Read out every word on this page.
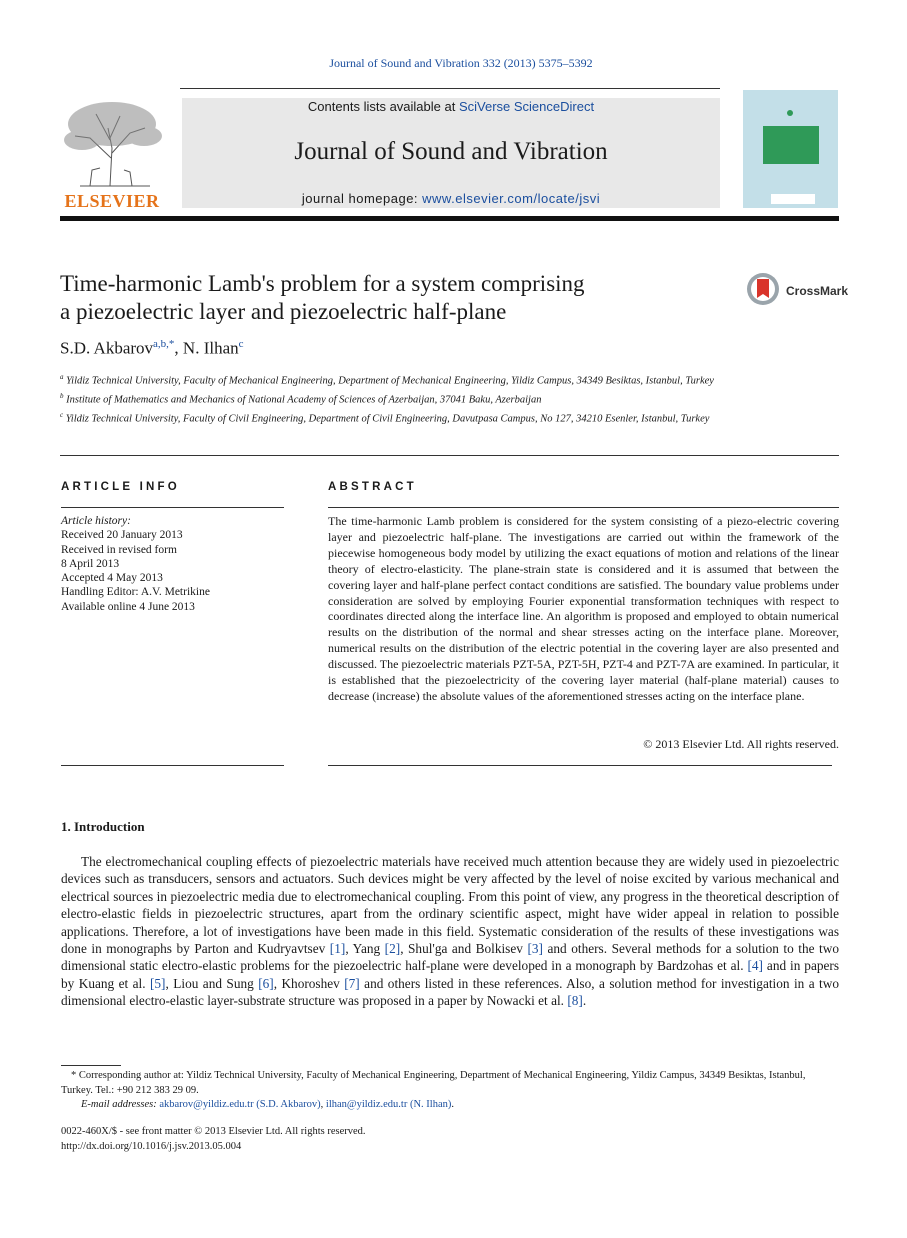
Journal of Sound and Vibration 332 (2013) 5375–5392
ELSEVIER
Contents lists available at SciVerse ScienceDirect
Journal of Sound and Vibration
journal homepage: www.elsevier.com/locate/jsvi
Time-harmonic Lamb's problem for a system comprising
a piezoelectric layer and piezoelectric half-plane
CrossMark
S.D. Akbarov$^{a,b,*}$, N. Ilhan$^c$

$^a$ Yildiz Technical University, Faculty of Mechanical Engineering, Department of Mechanical Engineering, Yildiz Campus, 34349 Besiktas, Istanbul, Turkey

$^b$ Institute of Mathematics and Mechanics of National Academy of Sciences of Azerbaijan, 37041 Baku, Azerbaijan

$^c$ Yildiz Technical University, Faculty of Civil Engineering, Department of Civil Engineering, Davutpasa Campus, No 127, 34210 Esenler, Istanbul, Turkey

ARTICLE INFO

Article history:

Received 20 January 2013

Received in revised form

8 April 2013

Accepted 4 May 2013

Handling Editor: A.V. Metrikine

Available online 4 June 2013

ABSTRACT
The time-harmonic Lamb problem is considered for the system consisting of a piezo-electric covering layer and piezoelectric half-plane. The investigations are carried out within the framework of the piecewise homogeneous body model by utilizing the exact equations of motion and relations of the linear theory of electro-elasticity. The plane-strain state is considered and it is assumed that between the covering layer and half-plane perfect contact conditions are satisfied. The boundary value problems under consideration are solved by employing Fourier exponential transformation techniques with respect to coordinates directed along the interface line. An algorithm is proposed and employed to obtain numerical results on the distribution of the normal and shear stresses acting on the interface plane. Moreover, numerical results on the distribution of the electric potential in the covering layer are also presented and discussed. The piezoelectric materials PZT-5A, PZT-5H, PZT-4 and PZT-7A are examined. In particular, it is established that the piezoelectricity of the covering layer material (half-plane material) causes to decrease (increase) the absolute values of the aforementioned stresses acting on the interface plane.
© 2013 Elsevier Ltd. All rights reserved.
1. Introduction

The electromechanical coupling effects of piezoelectric materials have received much attention because they are widely used in piezoelectric devices such as transducers, sensors and actuators. Such devices might be very affected by the level of noise excited by various mechanical and electrical sources in piezoelectric media due to electromechanical coupling. From this point of view, any progress in the theoretical description of electro-elastic fields in piezoelectric structures, apart from the ordinary scientific aspect, might have wider appeal in relation to possible applications. Therefore, a lot of investigations have been made in this field. Systematic consideration of the results of these investigations was done in monographs by Parton and Kudryavtsev [1], Yang [2], Shul'ga and Bolkisev [3] and others. Several methods for a solution to the two dimensional static electro-elastic problems for the piezoelectric half-plane were developed in a monograph by Bardzohas et al. [4] and in papers by Kuang et al. [5], Liou and Sung [6], Khoroshev [7] and others listed in these references. Also, a solution method for investigation in a two dimensional electro-elastic layer-substrate structure was proposed in a paper by Nowacki et al. [8].

* Corresponding author at: Yildiz Technical University, Faculty of Mechanical Engineering, Department of Mechanical Engineering, Yildiz Campus, 34349 Besiktas, Istanbul, Turkey. Tel.: +90 212 383 29 09.

E-mail addresses: akbarov@yildiz.edu.tr (S.D. Akbarov), ilhan@yildiz.edu.tr (N. Ilhan).

0022-460X/$ - see front matter © 2013 Elsevier Ltd. All rights reserved.

http://dx.doi.org/10.1016/j.jsv.2013.05.004
